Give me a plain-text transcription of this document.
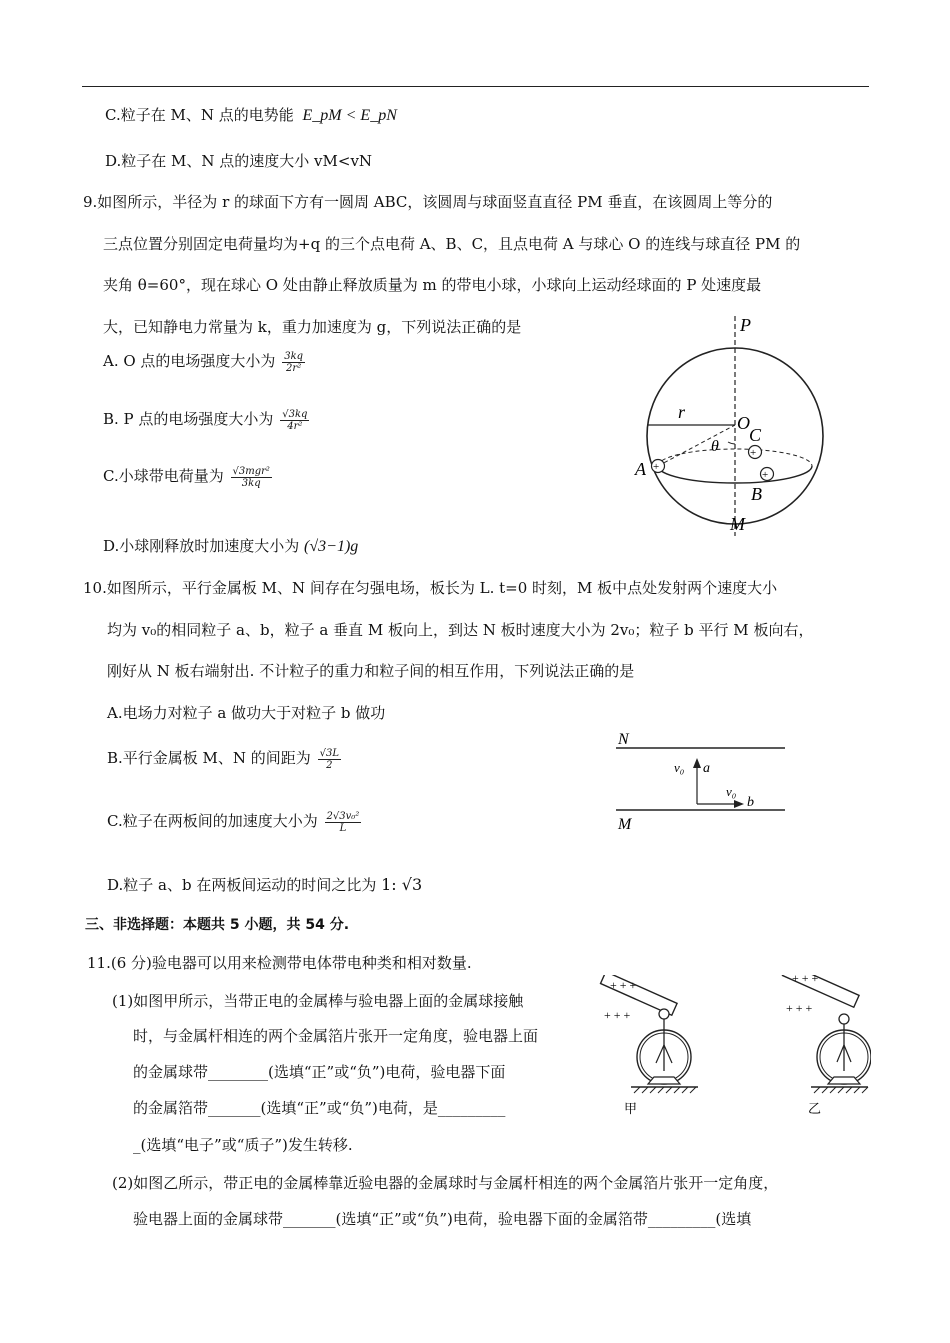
C.粒子在 M、N 点的电势能 E_pM < E_pN
D.粒子在 M、N 点的速度大小 vM<vN
9.如图所示，半径为 r 的球面下方有一圆周 ABC，该圆周与球面竖直直径 PM 垂直，在该圆周上等分的
三点位置分别固定电荷量均为+q 的三个点电荷 A、B、C，且点电荷 A 与球心 O 的连线与球直径 PM 的
夹角 θ=60°，现在球心 O 处由静止释放质量为 m 的带电小球，小球向上运动经球面的 P 处速度最
大，已知静电力常量为 k，重力加速度为 g，下列说法正确的是
A. O 点的电场强度大小为 $\frac{3kq}{\text{2r²}}$
B. P 点的电场强度大小为 $\frac{√3kq}{\text{4r²}}$
C.小球带电荷量为 $\frac{\text{√3mgr²}}{3kq}$
D.小球刚释放时加速度大小为 (√3−1)g
+
+
+
P
O
C
r
θ
A
B
M
10.如图所示，平行金属板 M、N 间存在匀强电场，板长为 L. t=0 时刻，M 板中点处发射两个速度大小
均为 v₀的相同粒子 a、b，粒子 a 垂直 M 板向上，到达 N 板时速度大小为 2v₀；粒子 b 平行 M 板向右，
刚好从 N 板右端射出. 不计粒子的重力和粒子间的相互作用，下列说法正确的是
A.电场力对粒子 a 做功大于对粒子 b 做功
B.平行金属板 M、N 的间距为 $\frac{√3L}{2}$
C.粒子在两板间的加速度大小为 $\frac{\text{2√3v₀²}}{L}$
D.粒子 a、b 在两板间运动的时间之比为 1: √3
N
M
v₀ a
v₀
b
三、非选择题：本题共 5 小题，共 54 分.
11.(6 分)验电器可以用来检测带电体带电种类和相对数量.
(1)如图甲所示，当带正电的金属棒与验电器上面的金属球接触
时，与金属杆相连的两个金属箔片张开一定角度，验电器上面
的金属球带________(选填“正”或“负”)电荷，验电器下面
的金属箔带_______(选填“正”或“负”)电荷，是_________
_(选填“电子”或“质子”)发生转移.
(2)如图乙所示，带正电的金属棒靠近验电器的金属球时与金属杆相连的两个金属箔片张开一定角度，
验电器上面的金属球带_______(选填“正”或“负”)电荷，验电器下面的金属箔带_________(选填
+ + +
+ + +
甲
+ + +
+ + +
乙
